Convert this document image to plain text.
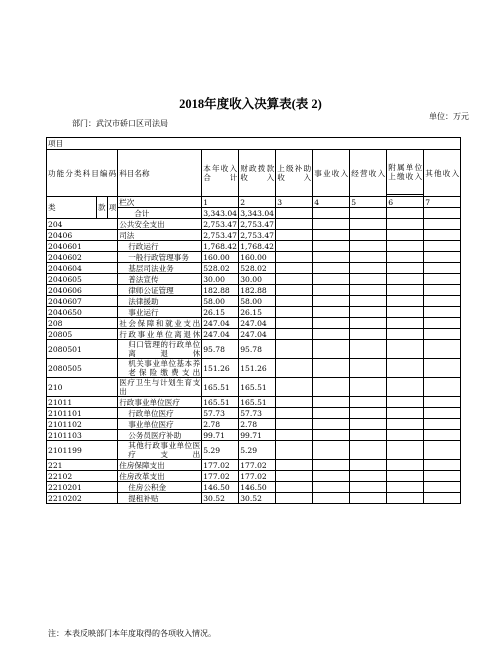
2018年度收入决算表(表 2)
部门：武汉市硚口区司法局
单位：万元
项目										
功能分类科目编码			科目名称	本年收入合计	财政拨款收入	上级补助收入	事业收入	经营收入	附属单位上缴收入	其他收入

类	款	项	栏次	1	2	3	4	5	6	7
			合计	3,343.04	3,343.04					
204			公共安全支出	2,753.47	2,753.47					
20406			司法	2,753.47	2,753.47					
2040601			行政运行	1,768.42	1,768.42					
2040602			一般行政管理事务	160.00	160.00					
2040604			基层司法业务	528.02	528.02					
2040605			普法宣传	30.00	30.00					
2040606			律师公证管理	182.88	182.88					
2040607			法律援助	58.00	58.00					
2040650			事业运行	26.15	26.15					
208			社会保障和就业支出	247.04	247.04					
20805			行政事业单位离退休	247.04	247.04					
2080501			归口管理的行政单位离退休	95.78	95.78					
2080505			机关事业单位基本养老保险缴费支出	151.26	151.26					
210			医疗卫生与计划生育支出	165.51	165.51					
21011			行政事业单位医疗	165.51	165.51					
2101101			行政单位医疗	57.73	57.73					
2101102			事业单位医疗	2.78	2.78					
2101103			公务员医疗补助	99.71	99.71					
2101199			其他行政事业单位医疗支出	5.29	5.29					
221			住房保障支出	177.02	177.02					
22102			住房改革支出	177.02	177.02					
2210201			住房公积金	146.50	146.50					
2210202			提租补贴	30.52	30.52					
注：本表反映部门本年度取得的各项收入情况。
